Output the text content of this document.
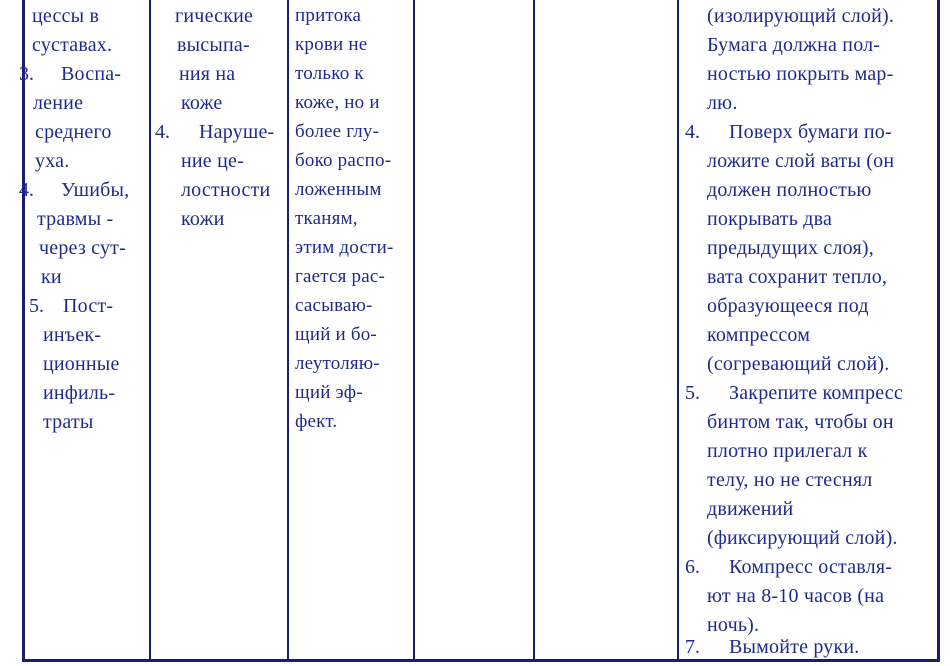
цессы в
суставах.
3. Воспа-
ление
среднего
уха.
4. Ушибы,
травмы -
через сут-
ки
5. Пост-
инъек-
ционные
инфиль-
траты
гические
высыпа-
ния на
коже
4. Наруше-
ние це-
лостности
кожи
притока
крови не
только к
коже, но и
более глу-
боко распо-
ложенным
тканям,
этим дости-
гается рас-
сасываю-
щий и бо-
леутоляю-
щий эф-
фект.
(изолирующий слой).
Бумага должна пол-
ностью покрыть мар-
лю.
4. Поверх бумаги по-
ложите слой ваты (он
должен полностью
покрывать два
предыдущих слоя),
вата сохранит тепло,
образующееся под
компрессом
(согревающий слой).
5. Закрепите компресс
бинтом так, чтобы он
плотно прилегал к
телу, но не стеснял
движений
(фиксирующий слой).
6. Компресс оставля-
ют на 8-10 часов (на
ночь).
7. Вымойте руки.
